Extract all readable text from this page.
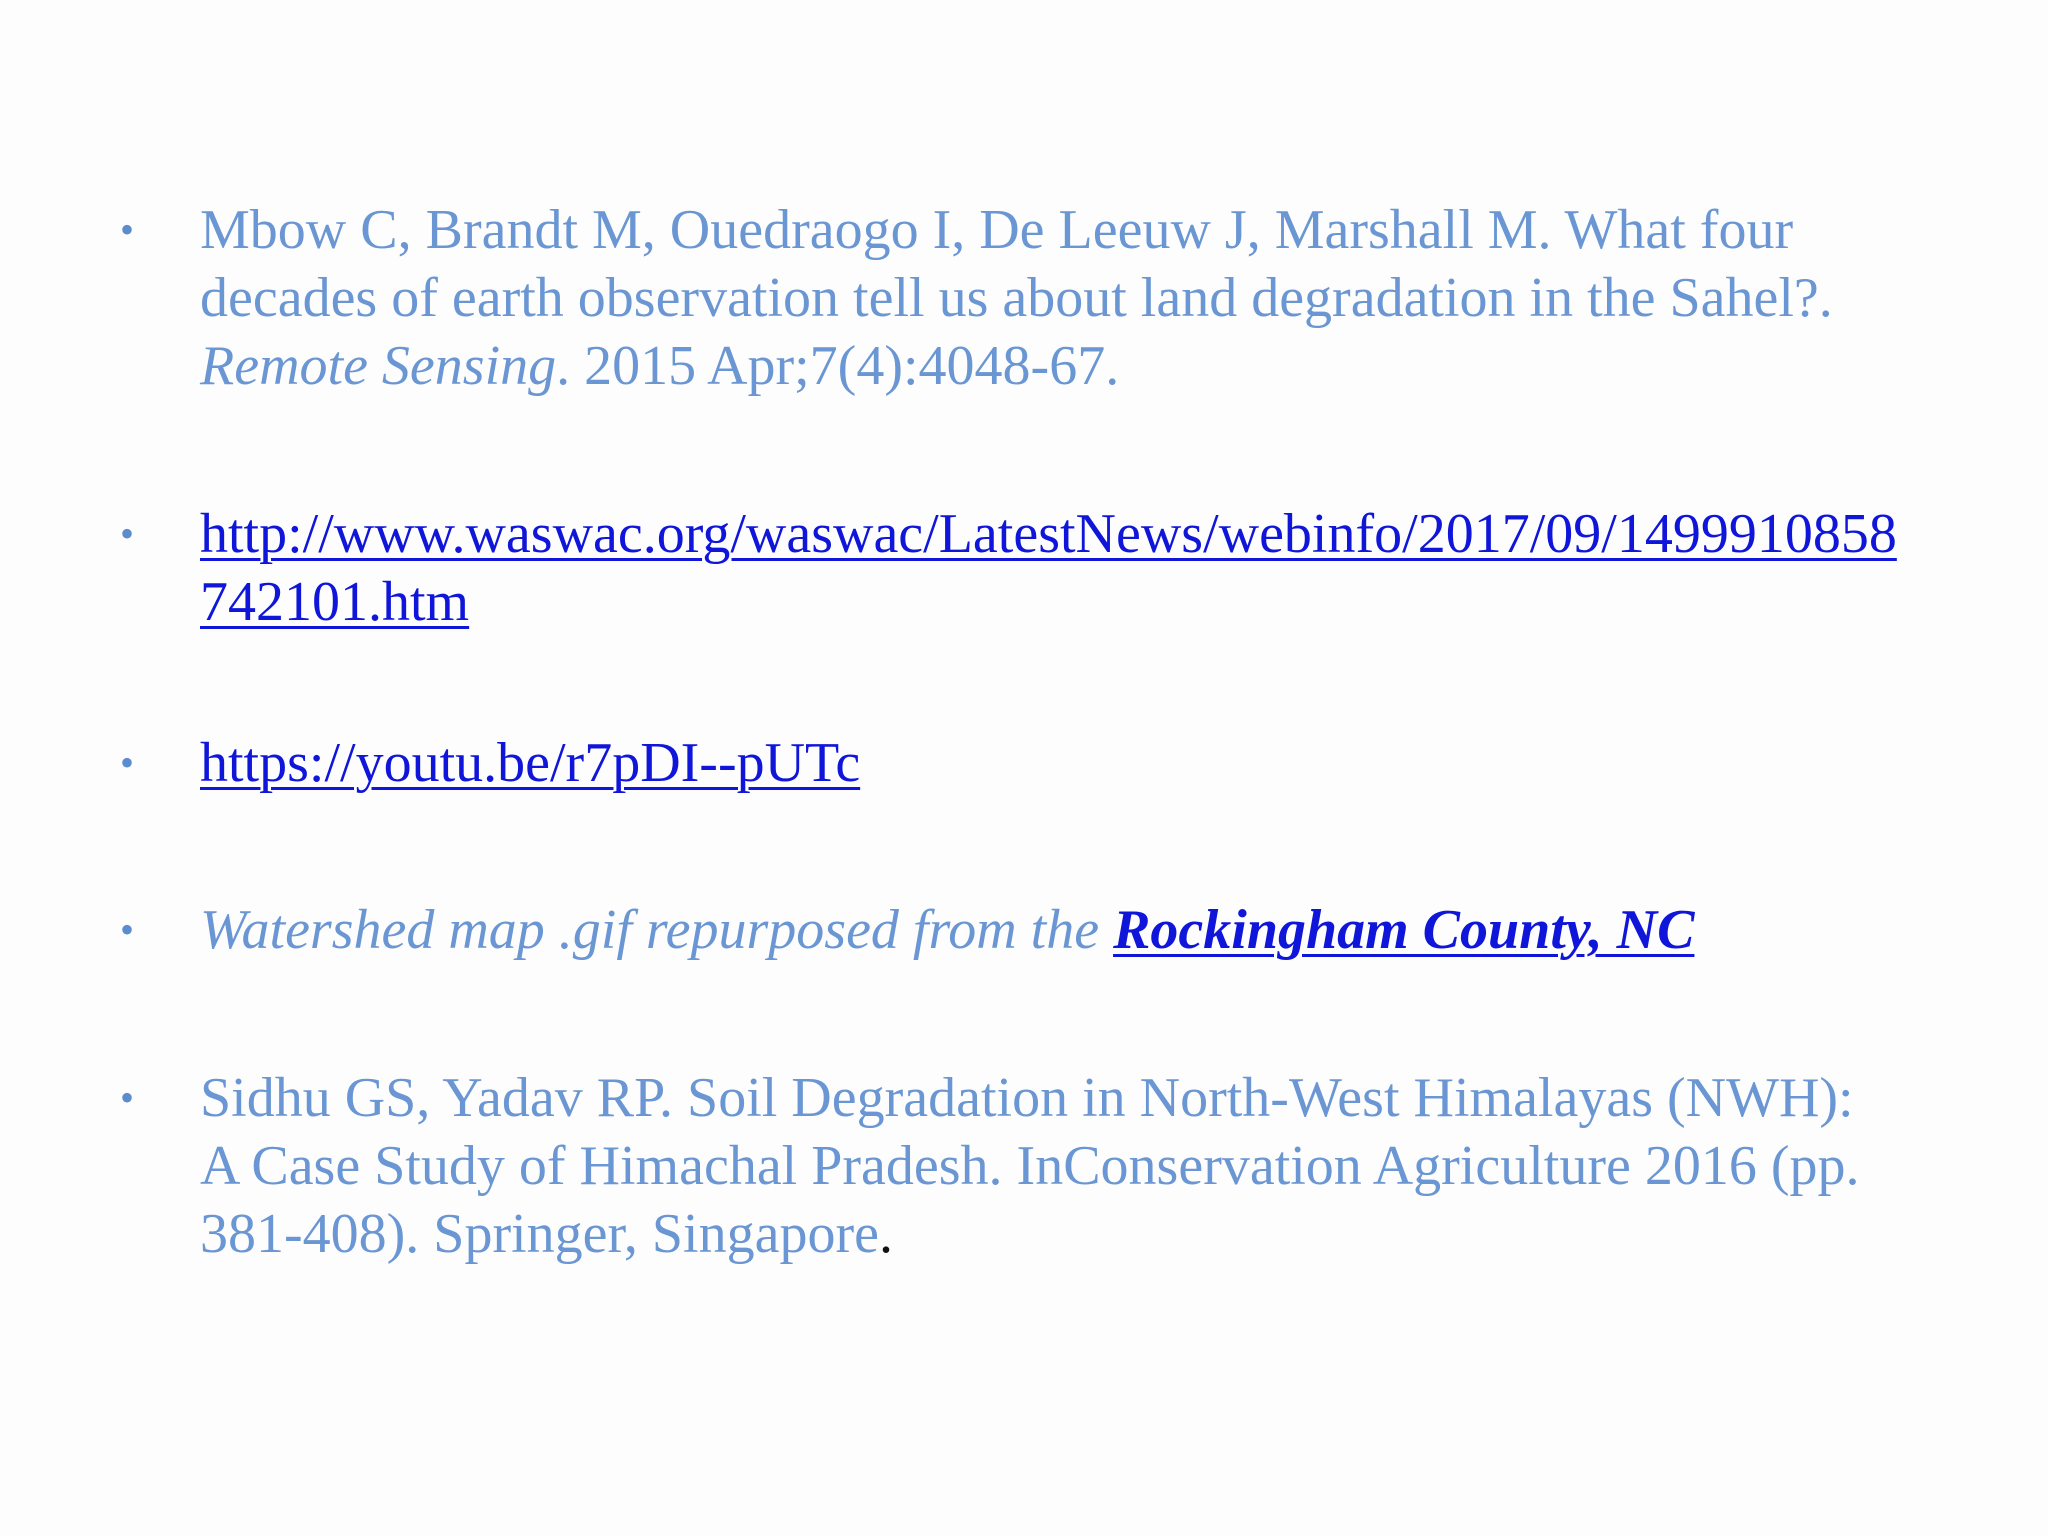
• Mbow C, Brandt M, Ouedraogo I, De Leeuw J, Marshall M. What four decades of earth observation tell us about land degradation in the Sahel?. Remote Sensing. 2015 Apr;7(4):4048-67.
• http://www.waswac.org/waswac/LatestNews/webinfo/2017/09/1499910858742101.htm
• https://youtu.be/r7pDI--pUTc
• Watershed map .gif repurposed from the Rockingham County, NC
• Sidhu GS, Yadav RP. Soil Degradation in North-West Himalayas (NWH): A Case Study of Himachal Pradesh. InConservation Agriculture 2016 (pp. 381-408). Springer, Singapore.
